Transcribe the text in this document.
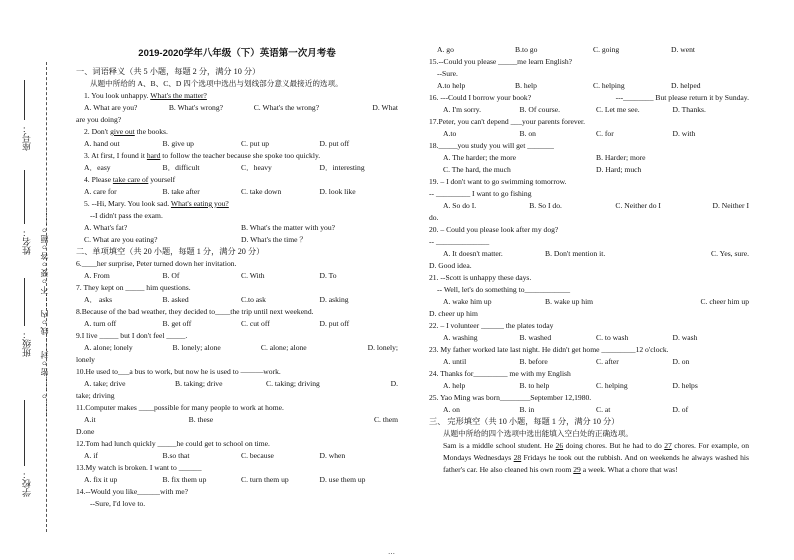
……○……密○封……线○内……不○要○答○题○……
学校：
班级：
姓名：
座号：
2019-2020学年八年级（下）英语第一次月考卷
一、词语释义（共 5 小题，每题 2 分，满分 10 分）
从题中所给的 A、B、C、D 四个选项中选出与划线部分意义最接近的选项。
1. You look unhappy. What's the matter?
A. What are you?	B. What's wrong?	C. What's the wrong?	D. What
are you doing?
2. Don't give out the books.
A. hand out	B. give up	C. put up	D. put off
3. At first, I found it hard to follow the teacher because she spoke too quickly.
A．easy	B．difficult	C．heavy	D．interesting
4. Please take care of yourself
A. care for	B. take after	C. take down	D. look like
5. --Hi, Mary. You look sad. What's eating you?
--I didn't pass the exam.
A. What's fat?	B. What's the matter with you?
C. What are you eating?	D. What's the time ？
二、单项填空（共 20 小题，每题 1 分，满分 20 分）
6.____her surprise, Peter turned down her invitation.
A. From	B. Of	C. With	D. To
7. They kept on _____ him questions.
A． asks	B. asked	C.to ask	D. asking
8.Because of the bad weather, they decided to____the trip until next weekend.
A. turn off	B. get off	C. cut off	D. put off
9.I live _____ but I don't feel _____.
A. alone; lonely	B. lonely; alone	C. alone; alone	D. lonely;
lonely
10.He used to___a bus to work, but now he is used to ———work.
A. take; drive	B. taking; drive	C. taking; driving	D.
take; driving
11.Computer makes ____possible for many people to work at home.
A.it	B. these	C. them
D.one
12.Tom had lunch quickly _____he could get to school on time.
A. if	B.so that	C. because	D. when
13.My watch is broken. I want to ______
A. fix it up	B. fix them up	C. turn them up	D. use them up
14.--Would you like______with me?
--Sure, I'd love to.
A. go	B.to go	C. going	D. went
15.--Could you please _____me learn English?
--Sure.
A.to help	B. help	C. helping	D. helped
16. ---Could I borrow your book?	---________ But please return it by Sunday.
A. I'm sorry.	B. Of course.	C. Let me see.	D. Thanks.
17.Peter, you can't depend ___your parents forever.
A.to	B. on	C. for	D. with
18._____you study you will get _______
A. The harder; the more	B. Harder; more
C. The hard, the much	D. Hard; much
19. – I don't want to go swimming tomorrow.
-- _________ I want to go fishing
A. So do I.	B. So I do.	C. Neither do I	D. Neither I
do.
20. – Could you please look after my dog?
-- ______________
A. It doesn't matter.	B. Don't mention it.	C. Yes, sure.
D. Good idea.
21. --Scott is unhappy these days.
-- Well, let's do something to____________
A. wake him up	B. wake up him	C. cheer him up
D. cheer up him
22. – I volunteer ______ the plates today
A. washing	B. washed	C. to wash	D. wash
23. My father worked late last night. He didn't get home _________12 o'clock.
A. until	B. before	C. after	D. on
24. Thanks for_________ me with my English
A. help	B. to help	C. helping	D. helps
25. Yao Ming was born________September 12,1980.
A. on	B. in	C. at	D. of
三、 完形填空（共 10 小题，每题 1 分，满分 10 分）
从题中所给的四个选项中选出能填入空白处的正确选项。
Sam is a middle school student. He 26 doing chores. But he had to do 27 chores. For example, on Mondays Wednesdays 28 Fridays he took out the rubbish. And on weekends he always washed his father's car. He also cleaned his own room 29 a week. What a chore that was!
…
